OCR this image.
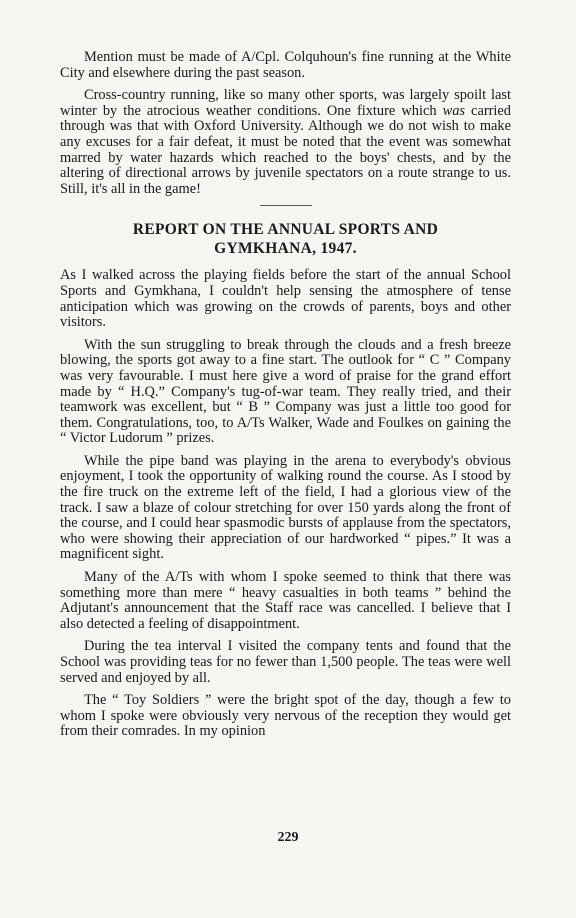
Mention must be made of A/Cpl. Colquhoun's fine running at the White City and elsewhere during the past season.

Cross-country running, like so many other sports, was largely spoilt last winter by the atrocious weather conditions. One fixture which was carried through was that with Oxford University. Although we do not wish to make any excuses for a fair defeat, it must be noted that the event was somewhat marred by water hazards which reached to the boys' chests, and by the altering of directional arrows by juvenile spectators on a route strange to us. Still, it's all in the game!

REPORT ON THE ANNUAL SPORTS AND
GYMKHANA, 1947.

As I walked across the playing fields before the start of the annual School Sports and Gymkhana, I couldn't help sensing the atmosphere of tense anticipation which was growing on the crowds of parents, boys and other visitors.

With the sun struggling to break through the clouds and a fresh breeze blowing, the sports got away to a fine start. The outlook for “ C ” Company was very favourable. I must here give a word of praise for the grand effort made by “ H.Q.” Company's tug-of-war team. They really tried, and their teamwork was excellent, but “ B ” Company was just a little too good for them. Congratulations, too, to A/Ts Walker, Wade and Foulkes on gaining the “ Victor Ludorum ” prizes.

While the pipe band was playing in the arena to everybody's obvious enjoyment, I took the opportunity of walking round the course. As I stood by the fire truck on the extreme left of the field, I had a glorious view of the track. I saw a blaze of colour stretching for over 150 yards along the front of the course, and I could hear spasmodic bursts of applause from the spectators, who were showing their appreciation of our hardworked “ pipes.” It was a magnificent sight.

Many of the A/Ts with whom I spoke seemed to think that there was something more than mere “ heavy casualties in both teams ” behind the Adjutant's announcement that the Staff race was cancelled. I believe that I also detected a feeling of disappointment.

During the tea interval I visited the company tents and found that the School was providing teas for no fewer than 1,500 people. The teas were well served and enjoyed by all.

The “ Toy Soldiers ” were the bright spot of the day, though a few to whom I spoke were obviously very nervous of the reception they would get from their comrades. In my opinion

229
